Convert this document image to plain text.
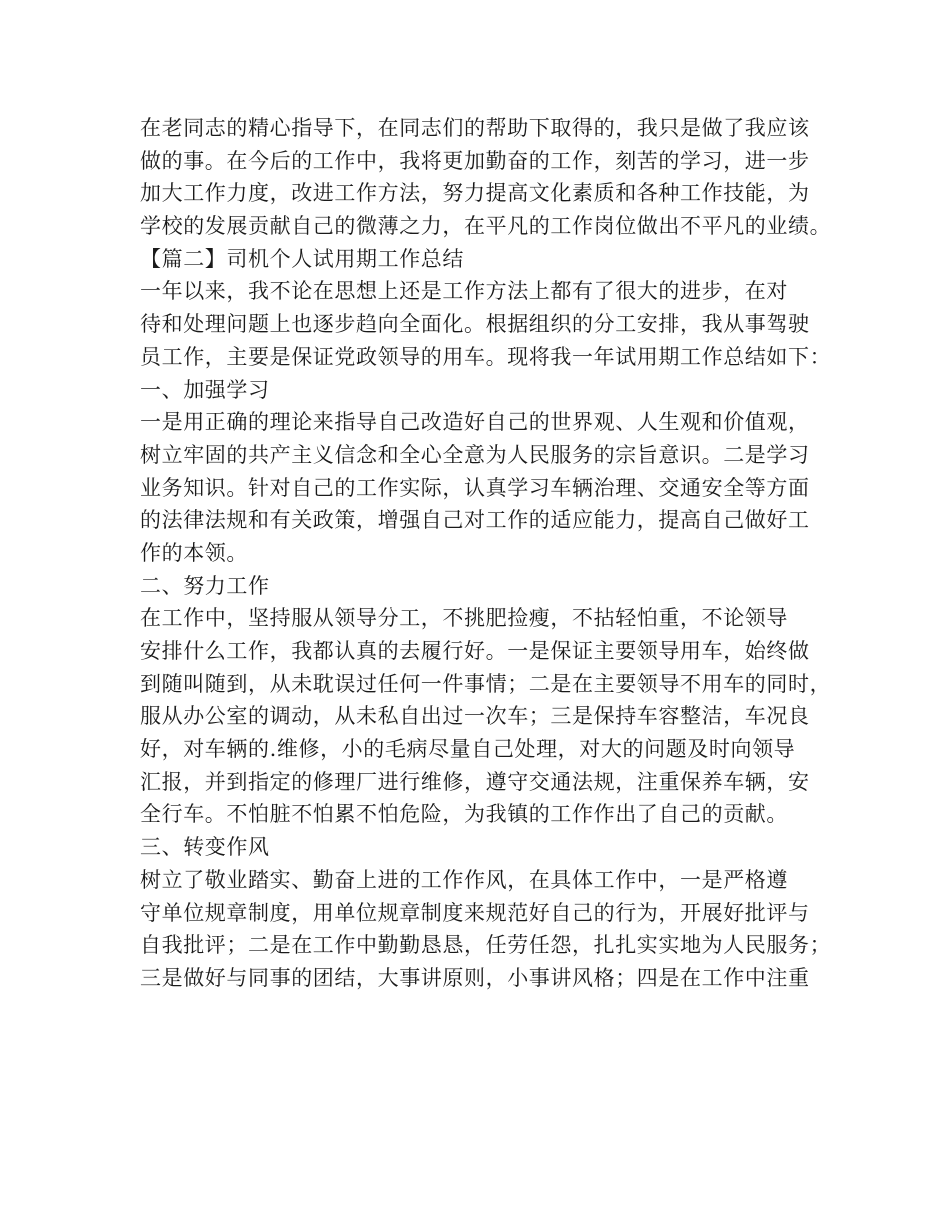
在老同志的精心指导下，在同志们的帮助下取得的，我只是做了我应该
做的事。在今后的工作中，我将更加勤奋的工作，刻苦的学习，进一步
加大工作力度，改进工作方法，努力提高文化素质和各种工作技能，为
学校的发展贡献自己的微薄之力，在平凡的工作岗位做出不平凡的业绩。
【篇二】司机个人试用期工作总结
一年以来，我不论在思想上还是工作方法上都有了很大的进步，在对
待和处理问题上也逐步趋向全面化。根据组织的分工安排，我从事驾驶
员工作，主要是保证党政领导的用车。现将我一年试用期工作总结如下：
一、加强学习
一是用正确的理论来指导自己改造好自己的世界观、人生观和价值观，
树立牢固的共产主义信念和全心全意为人民服务的宗旨意识。二是学习
业务知识。针对自己的工作实际，认真学习车辆治理、交通安全等方面
的法律法规和有关政策，增强自己对工作的适应能力，提高自己做好工
作的本领。
二、努力工作
在工作中，坚持服从领导分工，不挑肥捡瘦，不拈轻怕重，不论领导
安排什么工作，我都认真的去履行好。一是保证主要领导用车，始终做
到随叫随到，从未耽误过任何一件事情；二是在主要领导不用车的同时，
服从办公室的调动，从未私自出过一次车；三是保持车容整洁，车况良
好，对车辆的.维修，小的毛病尽量自己处理，对大的问题及时向领导
汇报，并到指定的修理厂进行维修，遵守交通法规，注重保养车辆，安
全行车。不怕脏不怕累不怕危险，为我镇的工作作出了自己的贡献。
三、转变作风
树立了敬业踏实、勤奋上进的工作作风，在具体工作中，一是严格遵
守单位规章制度，用单位规章制度来规范好自己的行为，开展好批评与
自我批评；二是在工作中勤勤恳恳，任劳任怨，扎扎实实地为人民服务；
三是做好与同事的团结，大事讲原则，小事讲风格；四是在工作中注重
